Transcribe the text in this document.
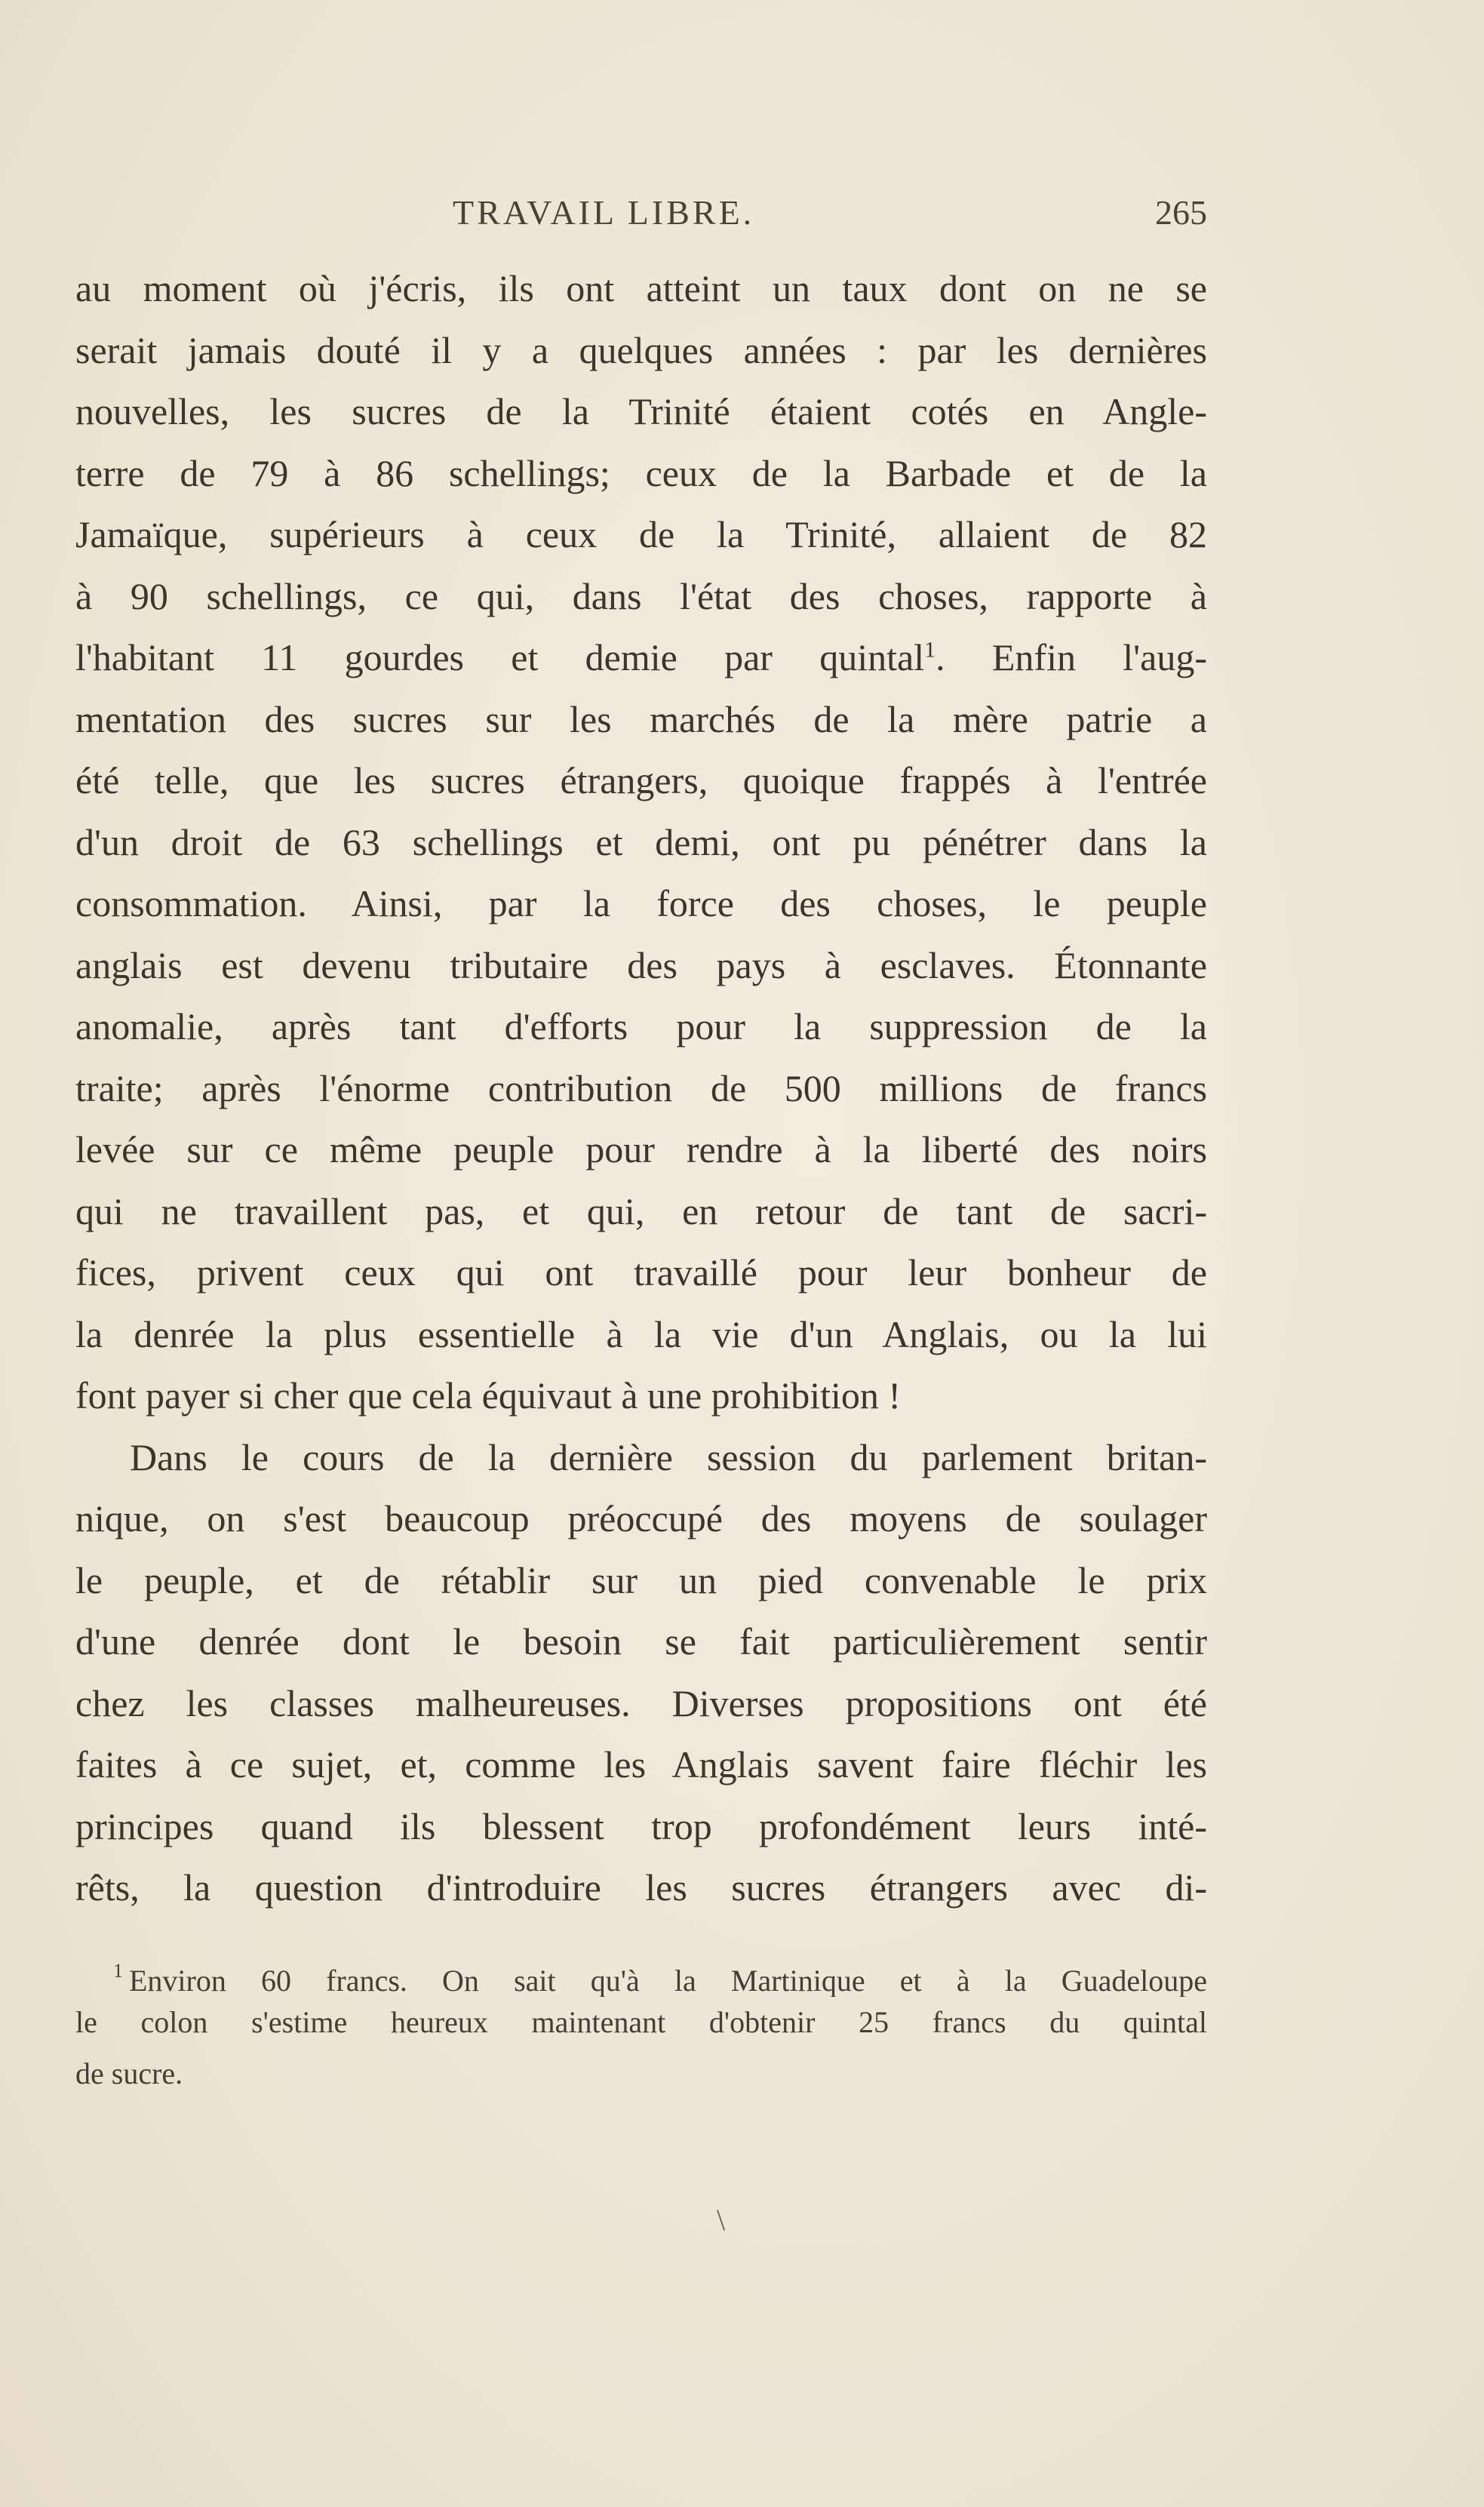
TRAVAIL LIBRE.	265
au moment où j'écris, ils ont atteint un taux dont on ne se
serait jamais douté il y a quelques années : par les dernières
nouvelles, les sucres de la Trinité étaient cotés en Angle-
terre de 79 à 86 schellings; ceux de la Barbade et de la
Jamaïque, supérieurs à ceux de la Trinité, allaient de 82
à 90 schellings, ce qui, dans l'état des choses, rapporte à
l'habitant 11 gourdes et demie par quintal$^1$. Enfin l'aug-
mentation des sucres sur les marchés de la mère patrie a
été telle, que les sucres étrangers, quoique frappés à l'entrée
d'un droit de 63 schellings et demi, ont pu pénétrer dans la
consommation. Ainsi, par la force des choses, le peuple
anglais est devenu tributaire des pays à esclaves. Étonnante
anomalie, après tant d'efforts pour la suppression de la
traite; après l'énorme contribution de 500 millions de francs
levée sur ce même peuple pour rendre à la liberté des noirs
qui ne travaillent pas, et qui, en retour de tant de sacri-
fices, privent ceux qui ont travaillé pour leur bonheur de
la denrée la plus essentielle à la vie d'un Anglais, ou la lui
font payer si cher que cela équivaut à une prohibition !
Dans le cours de la dernière session du parlement britan-
nique, on s'est beaucoup préoccupé des moyens de soulager
le peuple, et de rétablir sur un pied convenable le prix
d'une denrée dont le besoin se fait particulièrement sentir
chez les classes malheureuses. Diverses propositions ont été
faites à ce sujet, et, comme les Anglais savent faire fléchir les
principes quand ils blessent trop profondément leurs inté-
rêts, la question d'introduire les sucres étrangers avec di-
$^1$ Environ 60 francs. On sait qu'à la Martinique et à la Guadeloupe
le colon s'estime heureux maintenant d'obtenir 25 francs du quintal
de sucre.
\
